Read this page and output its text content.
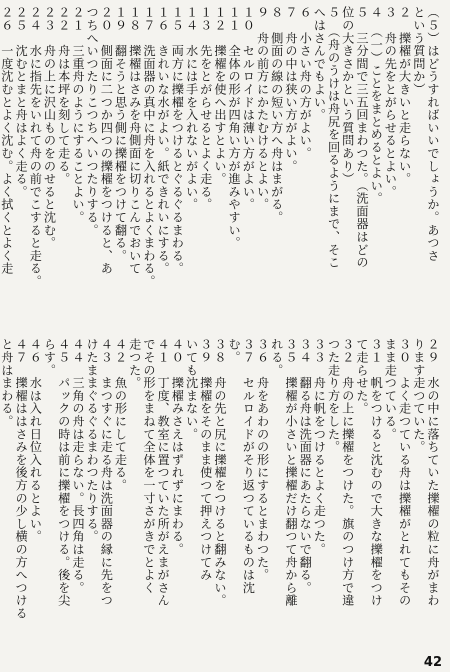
（５）はどうすればいいでしょうか。あつさ
という質問か）
２　擽櫂が大きいと走らない。
３　舟の先をとがらせるとよい。
４　（一）ことをまとめるとよい。
５　三分間で三五回まわつた。（洗面器はどの
位の大きさかという質問あり）
５　（舟のうけは舟尻を回るようにまで、そこ
へはさんでもよい。
６　小さい舟の方がよい。
７　舟の中は狭い方がよい。
８　側面の線の短い方へ舟はまがる。
９　舟の前方にかたむけるとよい。
１０　セルロイドは薄い方がよい。
１１　全体の形が四角い方が進みやすい。
１２　擽櫂を使へ出すとよい。
１３　先をとがらせるとよく走る。
１４　水には手を入れないがよい。
１５　両方に擽櫂をつけるとぐるぐるまわる。
１６　きれいな水がよい。紙できれいにする。
１７　洗面器の真中に舟を入れるとよくまわる。
１８　擽櫂はさみを舟側面に切りこんでおいて
１９　翻そうと思う側に擽櫂をつけて翻る。
２０　側面に二つか四つの擽櫂をつけると、あ
つちへいつたりこつちへいつたりする。
２１　三重舟のようにすることよい。
２２　舟は本坪を刻して走る。
２３　舟の上に沢山ものをのせると沈む。
２４　水に指先をいれて舟の前でこすると走る。
２５　沈むとまと舟はよく走る。
２６　一度沈むとよく沈む。よく拭くとよく走
２９　水の中に落ちていた擽櫂の粒に舟がまわ
ります走つていた。
３０　よく走つている舟は擽櫂がとれてもその
まま走つている。
３１　帆をつけると沈むので大きな擽櫂をつけ
て走らせた。
３２　舟の上に擽櫂をつけた。旗のつけ方で違
つた走り方をした。
３３　舟に帆をつけるとよく走つた。
３４　翻る舟は洗面器にあたらないで翻る。
３５　擽櫂が小さいと擽櫂だけ翻つて舟から離
れる。
３６　舟をあわのの形にするとまわつた。
３７　セルロイドがそり返つているものは沈
む。
３８　舟の先と尻に擽櫂をつけると翻みない。
３９　擽櫂をそのまま使つて押えつけてみ
いても沈まない。
４０　擽櫂みさえはずれずにまわる。
４１　丁度、教室に置つていた所がえまがさん
でその形をまねて全体を一寸さがきでとよく
走つた。
４２　魚の形にして走る。
４３　まつすぐに走る舟は洗面器の縁に先をつ
けたままぐるぐるまわつたりする。
４４　三角の舟は走らない。長四角は走る。
４５　パックの時は前に擽櫂をつける。後を尖
らす。
４６　水は入れ日位入れるとよい。
４７　擽櫂ははさみを後方の少し横の方へつける
と舟はまわる。
42
